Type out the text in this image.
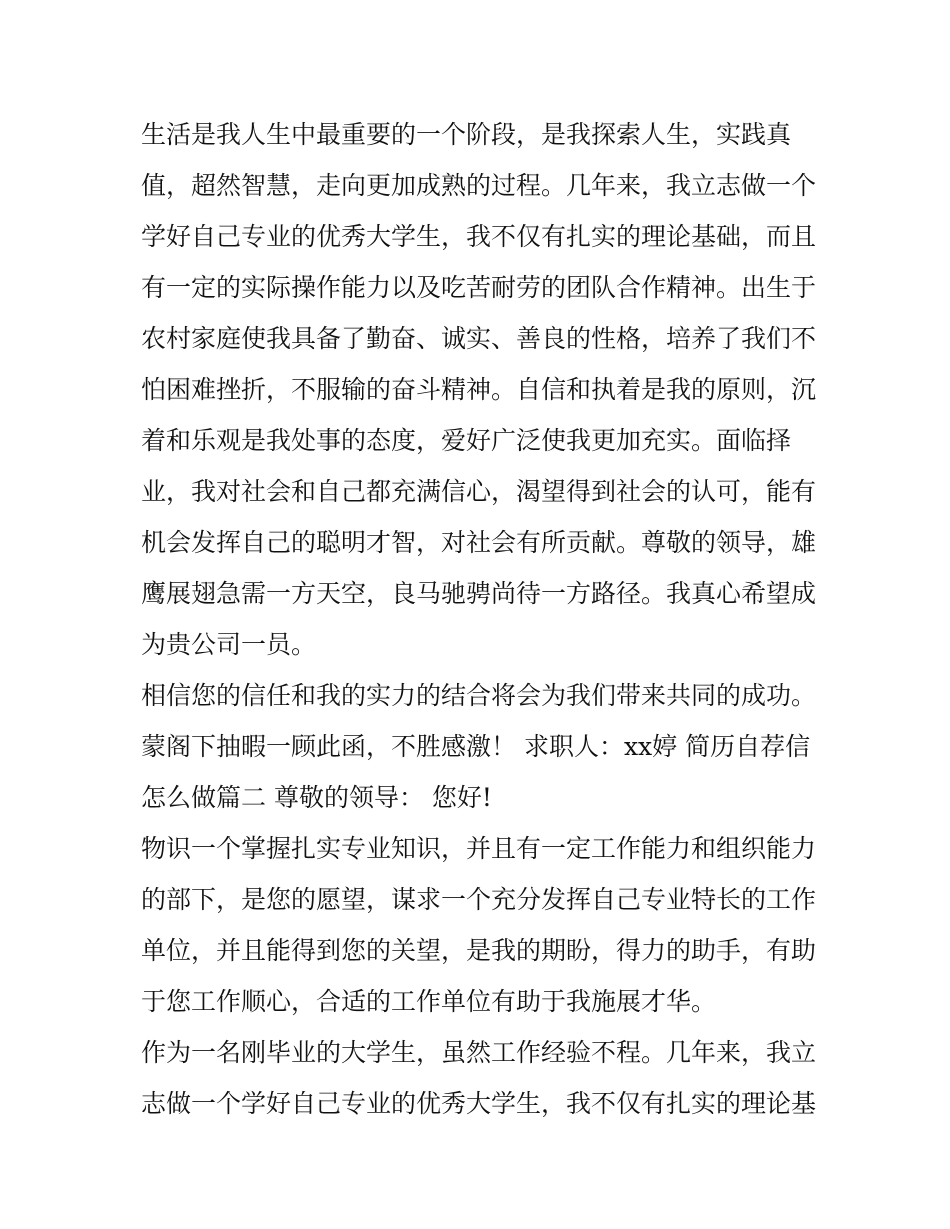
生活是我人生中最重要的一个阶段，是我探索人生，实践真
值，超然智慧，走向更加成熟的过程。几年来，我立志做一个
学好自己专业的优秀大学生，我不仅有扎实的理论基础，而且
有一定的实际操作能力以及吃苦耐劳的团队合作精神。出生于
农村家庭使我具备了勤奋、诚实、善良的性格，培养了我们不
怕困难挫折，不服输的奋斗精神。自信和执着是我的原则，沉
着和乐观是我处事的态度，爱好广泛使我更加充实。面临择
业，我对社会和自己都充满信心，渴望得到社会的认可，能有
机会发挥自己的聪明才智，对社会有所贡献。尊敬的领导，雄
鹰展翅急需一方天空，良马驰骋尚待一方路径。我真心希望成
为贵公司一员。
相信您的信任和我的实力的结合将会为我们带来共同的成功。
蒙阁下抽暇一顾此函，不胜感激！ 求职人：xx婷 简历自荐信
怎么做篇二 尊敬的领导： 您好!
物识一个掌握扎实专业知识，并且有一定工作能力和组织能力
的部下，是您的愿望，谋求一个充分发挥自己专业特长的工作
单位，并且能得到您的关望，是我的期盼，得力的助手，有助
于您工作顺心，合适的工作单位有助于我施展才华。
作为一名刚毕业的大学生，虽然工作经验不程。几年来，我立
志做一个学好自己专业的优秀大学生，我不仅有扎实的理论基
